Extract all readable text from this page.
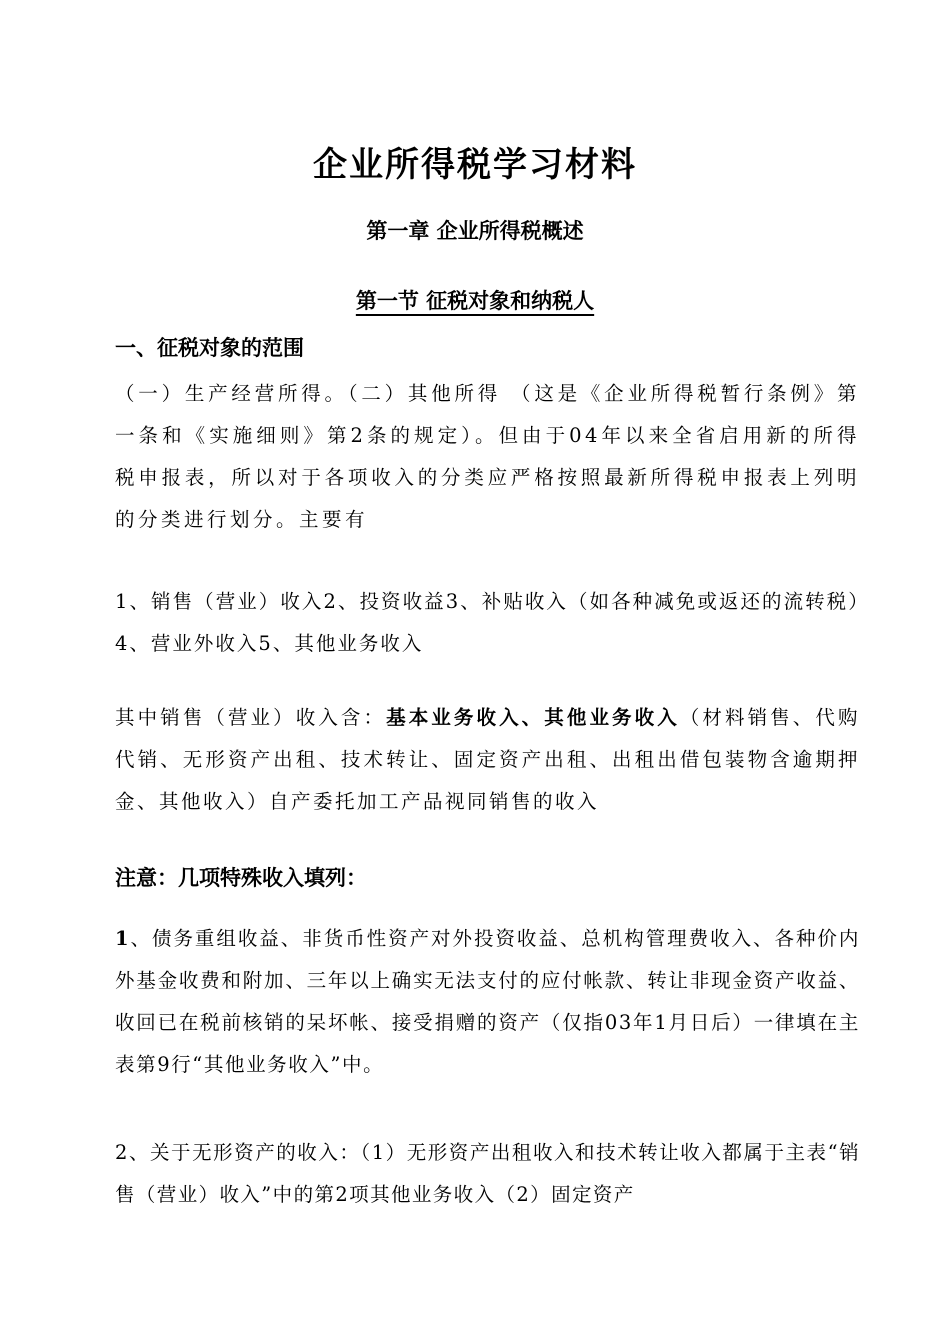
企业所得税学习材料
第一章 企业所得税概述
第一节 征税对象和纳税人
一、征税对象的范围
（一）生产经营所得。（二）其他所得 （这是《企业所得税暂行条例》第一条和《实施细则》第2条的规定）。但由于04年以来全省启用新的所得税申报表，所以对于各项收入的分类应严格按照最新所得税申报表上列明的分类进行划分。主要有
1、销售（营业）收入2、投资收益3、补贴收入（如各种减免或返还的流转税）4、营业外收入5、其他业务收入
其中销售（营业）收入含：基本业务收入、其他业务收入（材料销售、代购代销、无形资产出租、技术转让、固定资产出租、出租出借包装物含逾期押金、其他收入）自产委托加工产品视同销售的收入
注意：几项特殊收入填列：
1、债务重组收益、非货币性资产对外投资收益、总机构管理费收入、各种价内外基金收费和附加、三年以上确实无法支付的应付帐款、转让非现金资产收益、收回已在税前核销的呆坏帐、接受捐赠的资产（仅指03年1月日后）一律填在主表第9行“其他业务收入”中。
2、关于无形资产的收入：（1）无形资产出租收入和技术转让收入都属于主表“销售（营业）收入”中的第2项其他业务收入（2）固定资产
